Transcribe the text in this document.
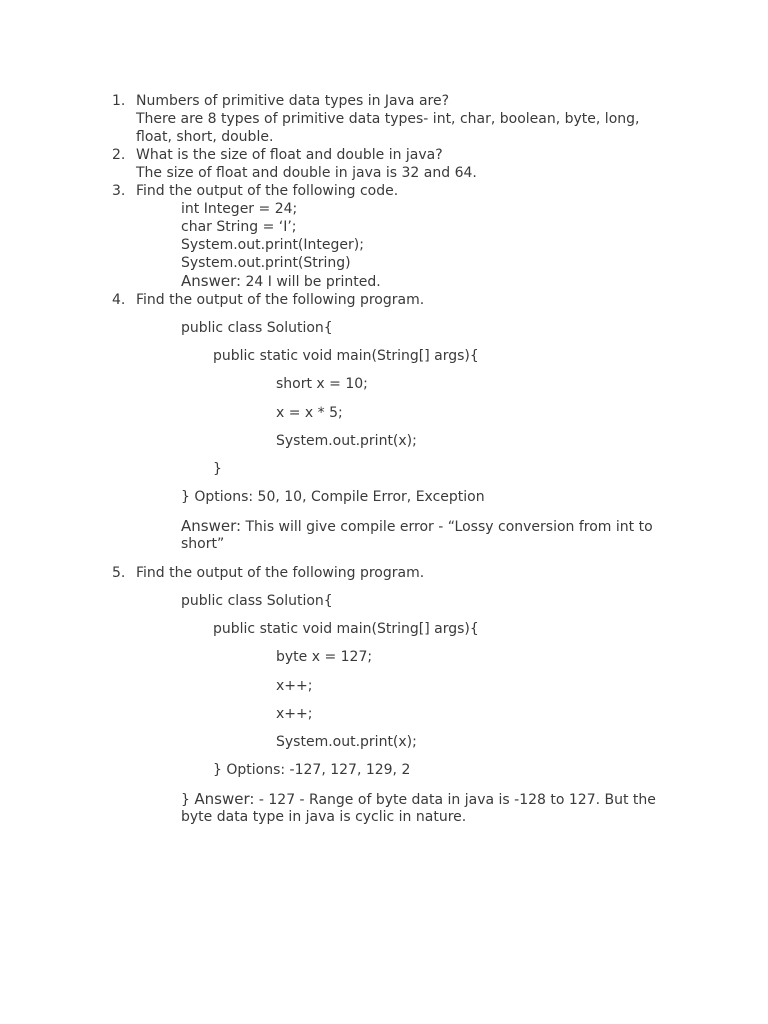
1. Numbers of primitive data types in Java are?
There are 8 types of primitive data types- int, char, boolean, byte, long,
float, short, double.
2. What is the size of float and double in java?
The size of float and double in java is 32 and 64.
3. Find the output of the following code.
int Integer = 24;
char String = ‘I’;
System.out.print(Integer);
System.out.print(String)
Answer: 24 I will be printed.
4. Find the output of the following program.
public class Solution{
public static void main(String[] args){
short x = 10;
x = x * 5;
System.out.print(x);
}
} Options: 50, 10, Compile Error, Exception
Answer: This will give compile error - “Lossy conversion from int to
short”
5. Find the output of the following program.
public class Solution{
public static void main(String[] args){
byte x = 127;
x++;
x++;
System.out.print(x);
} Options: -127, 127, 129, 2
} Answer: - 127 - Range of byte data in java is -128 to 127. But the
byte data type in java is cyclic in nature.
